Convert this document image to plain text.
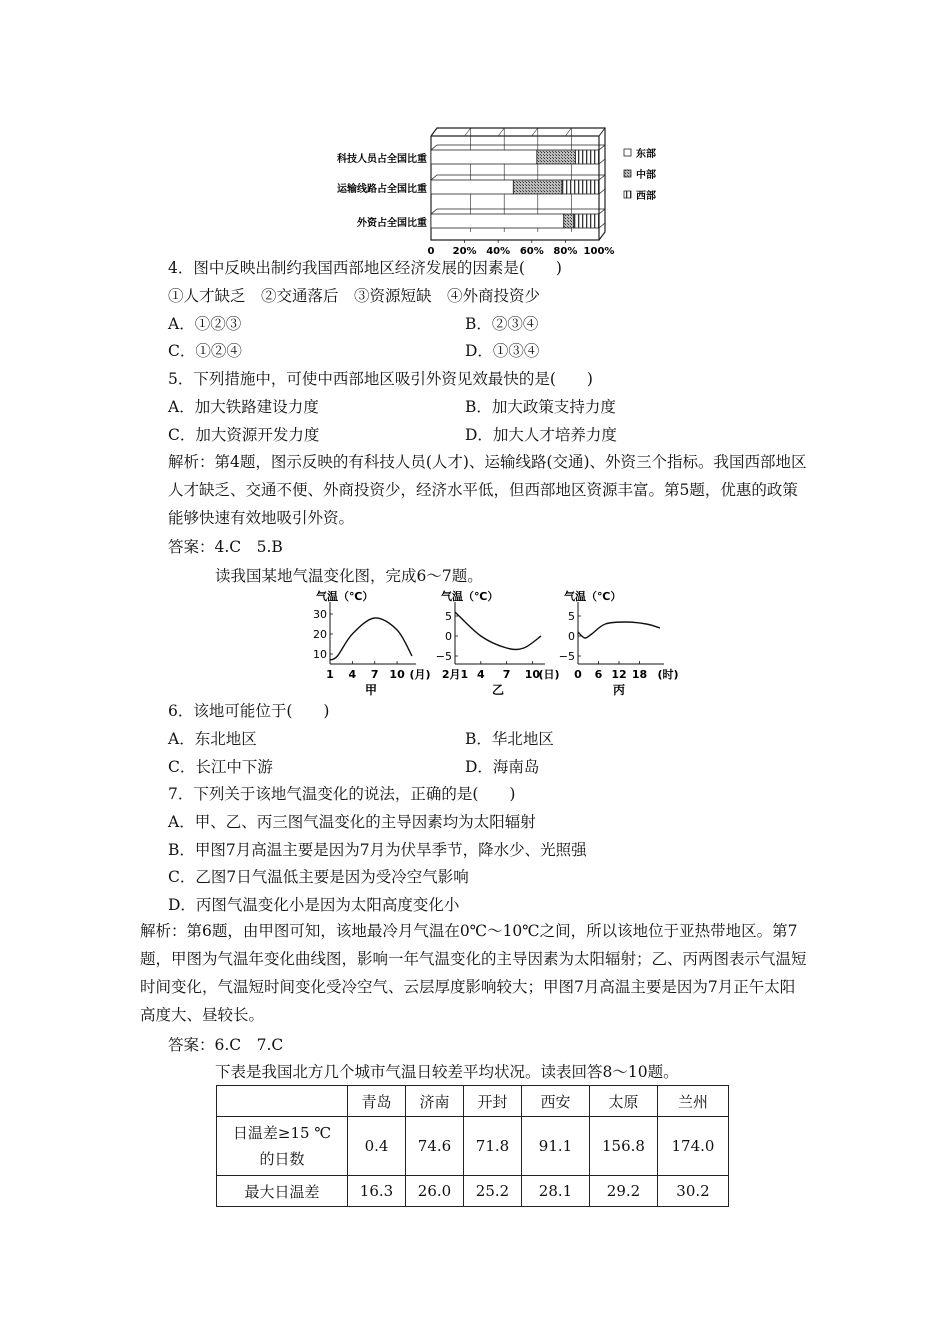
科技人员占全国比重
运输线路占全国比重
外资占全国比重
0 20% 40% 60% 80% 100%
东部
中部
西部
4．图中反映出制约我国西部地区经济发展的因素是(　　)
①人才缺乏　②交通落后　③资源短缺　④外商投资少
A．①②③	B．②③④
C．①②④	D．①③④
5．下列措施中，可使中西部地区吸引外资见效最快的是(　　)
A．加大铁路建设力度	B．加大政策支持力度
C．加大资源开发力度	D．加大人才培养力度
解析：第4题，图示反映的有科技人员(人才)、运输线路(交通)、外资三个指标。我国西部地区人才缺乏、交通不便、外商投资少，经济水平低，但西部地区资源丰富。第5题，优惠的政策能够快速有效地吸引外资。
答案：4.C　5.B
读我国某地气温变化图，完成6～7题。
气温（℃）
10
20
30
1 4 7 10 (月)
甲
气温（℃）
5
0
−5
2月1 4 7 10
(日)
乙
气温（℃）
5
0
−5
0 6 12 18 (时)
丙
6．该地可能位于(　　)
A．东北地区	B．华北地区
C．长江中下游	D．海南岛
7．下列关于该地气温变化的说法，正确的是(　　)
A．甲、乙、丙三图气温变化的主导因素均为太阳辐射
B．甲图7月高温主要是因为7月为伏旱季节，降水少、光照强
C．乙图7日气温低主要是因为受冷空气影响
D．丙图气温变化小是因为太阳高度变化小
解析：第6题，由甲图可知，该地最冷月气温在0℃～10℃之间，所以该地位于亚热带地区。第7题，甲图为气温年变化曲线图，影响一年气温变化的主导因素为太阳辐射；乙、丙两图表示气温短时间变化，气温短时间变化受冷空气、云层厚度影响较大；甲图7月高温主要是因为7月正午太阳高度大、昼较长。
答案：6.C　7.C
下表是我国北方几个城市气温日较差平均状况。读表回答8～10题。
	青岛	济南	开封	西安	太原	兰州

日温差≥15 ℃
的日数	0.4	74.6	71.8	91.1	156.8	174.0
最大日温差	16.3	26.0	25.2	28.1	29.2	30.2
